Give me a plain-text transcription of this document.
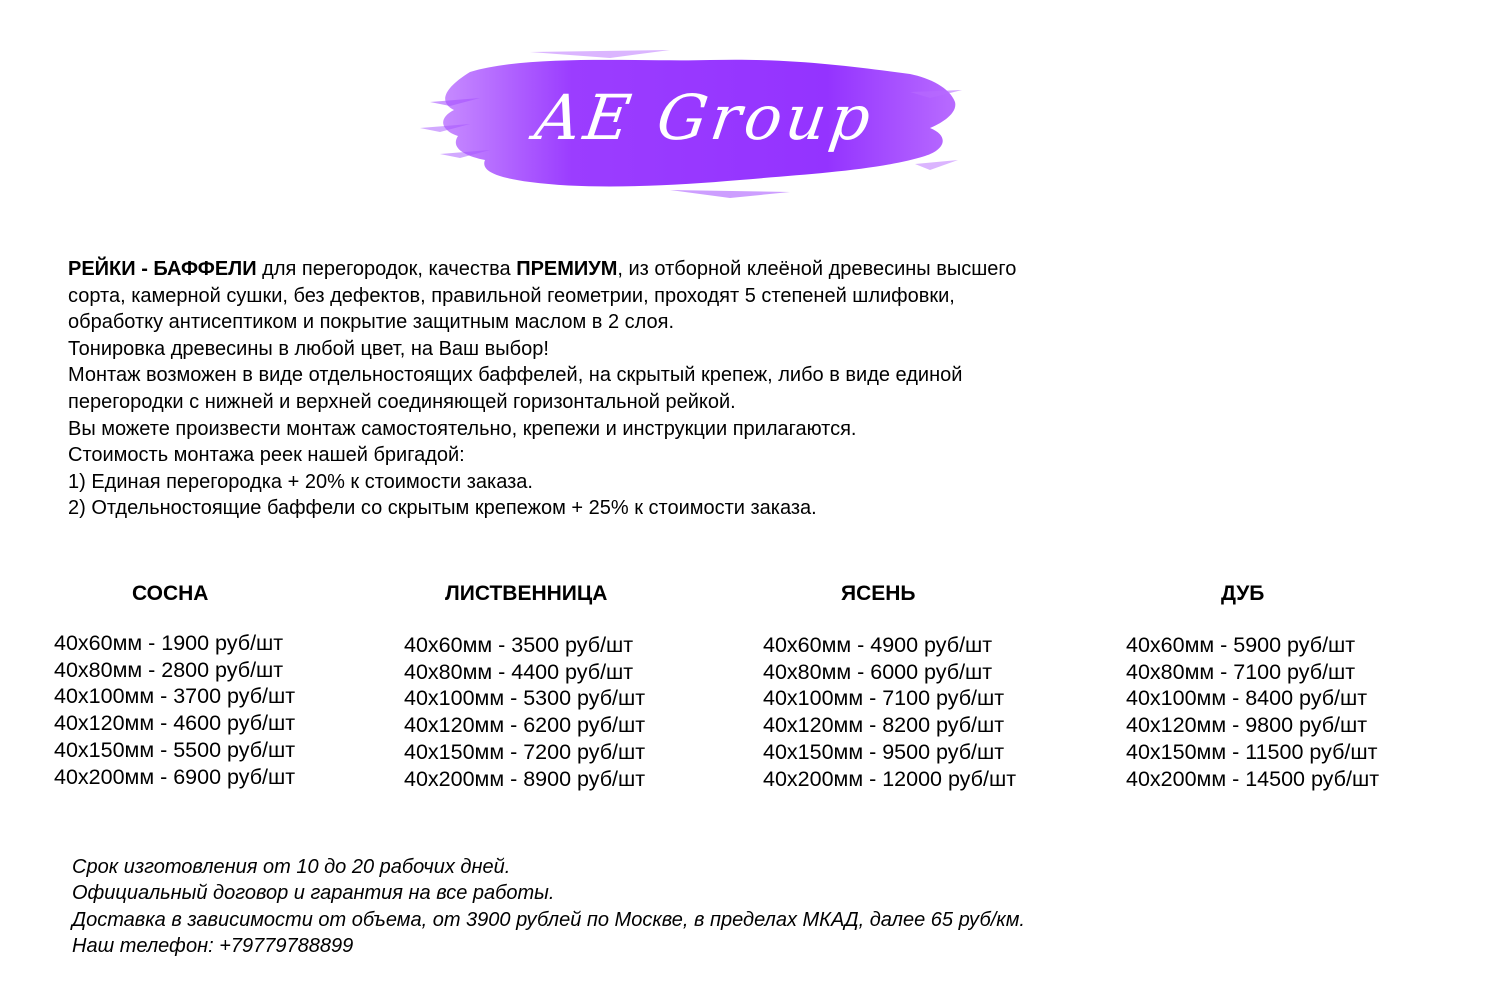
AE Group

РЕЙКИ - БАФФЕЛИ для перегородок, качества ПРЕМИУМ, из отборной клеёной древесины высшего

сорта, камерной сушки, без дефектов, правильной геометрии, проходят 5 степеней шлифовки,

обработку антисептиком и покрытие защитным маслом в 2 слоя.

Тонировка древесины в любой цвет, на Ваш выбор!

Монтаж возможен в виде отдельностоящих баффелей, на скрытый крепеж, либо в виде единой

перегородки с нижней и верхней соединяющей горизонтальной рейкой.

Вы можете произвести монтаж самостоятельно, крепежи и инструкции прилагаются.

Стоимость монтажа реек нашей бригадой:

1) Единая перегородка + 20% к стоимости заказа.

2) Отдельностоящие баффели со скрытым крепежом + 25% к стоимости заказа.

СОСНА
40х60мм - 1900 руб/шт
40х80мм - 2800 руб/шт
40х100мм - 3700 руб/шт
40х120мм - 4600 руб/шт
40х150мм - 5500 руб/шт
40х200мм - 6900 руб/шт
ЛИСТВЕННИЦА
40х60мм - 3500 руб/шт
40х80мм - 4400 руб/шт
40х100мм - 5300 руб/шт
40х120мм - 6200 руб/шт
40х150мм - 7200 руб/шт
40х200мм - 8900 руб/шт
ЯСЕНЬ
40х60мм - 4900 руб/шт
40х80мм - 6000 руб/шт
40х100мм - 7100 руб/шт
40х120мм - 8200 руб/шт
40х150мм - 9500 руб/шт
40х200мм - 12000 руб/шт
ДУБ
40х60мм - 5900 руб/шт
40х80мм - 7100 руб/шт
40х100мм - 8400 руб/шт
40х120мм - 9800 руб/шт
40х150мм - 11500 руб/шт
40х200мм - 14500 руб/шт

Срок изготовления от 10 до 20 рабочих дней.

Официальный договор и гарантия на все работы.

Доставка в зависимости от объема, от 3900 рублей по Москве, в пределах МКАД, далее 65 руб/км.

Наш телефон: +79779788899
